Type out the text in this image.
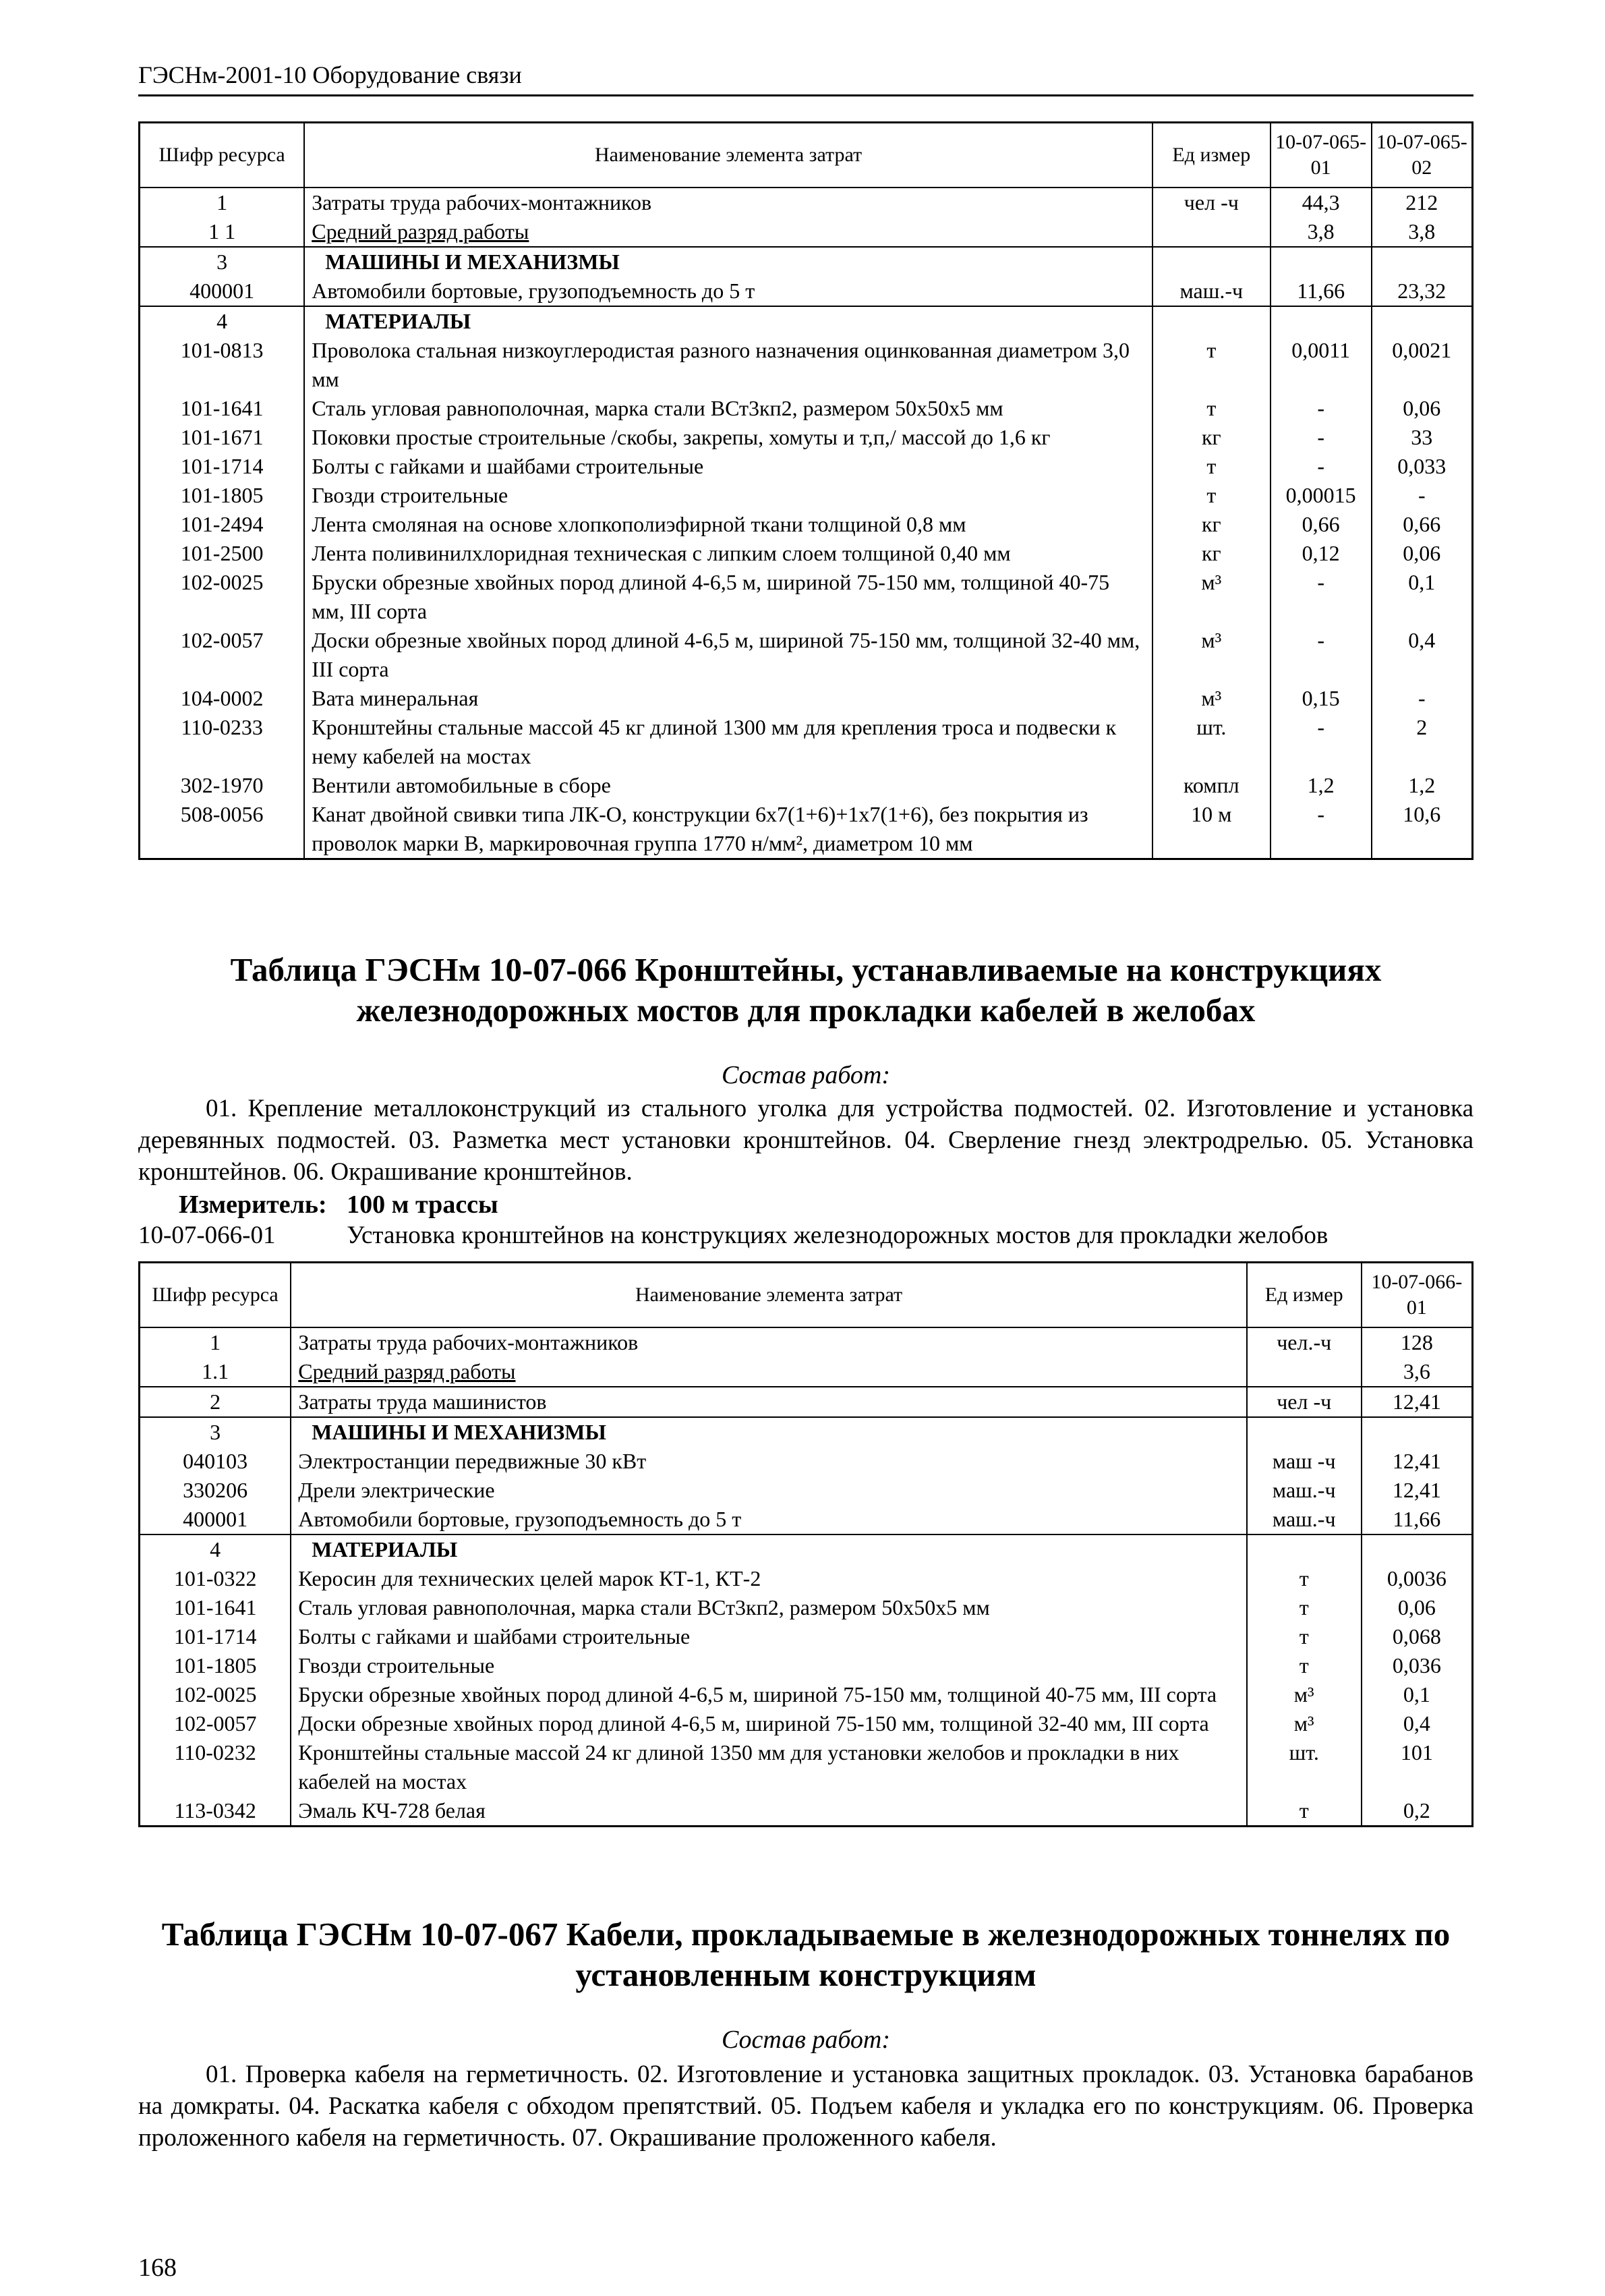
ГЭСНм-2001-10 Оборудование связи
Шифр ресурса	Наименование элемента затрат	Ед измер	10-07-065-01	10-07-065-02
1	Затраты труда рабочих-монтажников	чел -ч	44,3	212
1 1	Средний разряд работы		3,8	3,8
3	МАШИНЫ И МЕХАНИЗМЫ			
400001	Автомобили бортовые, грузоподъемность до 5 т	маш.-ч	11,66	23,32
4	МАТЕРИАЛЫ			
101-0813	Проволока стальная низкоуглеродистая разного назначения оцинкованная диаметром 3,0 мм	т	0,0011	0,0021
101-1641	Сталь угловая равнополочная, марка стали ВСт3кп2, размером 50x50x5 мм	т	-	0,06
101-1671	Поковки простые строительные /скобы, закрепы, хомуты и т,п,/ массой до 1,6 кг	кг	-	33
101-1714	Болты с гайками и шайбами строительные	т	-	0,033
101-1805	Гвозди строительные	т	0,00015	-
101-2494	Лента смоляная на основе хлопкополиэфирной ткани толщиной 0,8 мм	кг	0,66	0,66
101-2500	Лента поливинилхлоридная техническая с липким слоем толщиной 0,40 мм	кг	0,12	0,06
102-0025	Бруски обрезные хвойных пород длиной 4-6,5 м, шириной 75-150 мм, толщиной 40-75 мм, III сорта	м³	-	0,1
102-0057	Доски обрезные хвойных пород длиной 4-6,5 м, шириной 75-150 мм, толщиной 32-40 мм, III сорта	м³	-	0,4
104-0002	Вата минеральная	м³	0,15	-
110-0233	Кронштейны стальные массой 45 кг длиной 1300 мм для крепления троса и подвески к нему кабелей на мостах	шт.	-	2
302-1970	Вентили автомобильные в сборе	компл	1,2	1,2
508-0056	Канат двойной свивки типа ЛК-О, конструкции 6x7(1+6)+1x7(1+6), без покрытия из проволок марки В, маркировочная группа 1770 н/мм², диаметром 10 мм	10 м	-	10,6
Таблица ГЭСНм 10-07-066 Кронштейны, устанавливаемые на конструкциях железнодорожных мостов для прокладки кабелей в желобах
Состав работ:
01. Крепление металлоконструкций из стального уголка для устройства подмостей. 02. Изготовление и установка деревянных подмостей. 03. Разметка мест установки кронштейнов. 04. Сверление гнезд электродрелью. 05. Установка кронштейнов. 06. Окрашивание кронштейнов.
Измеритель: 100 м трассы
10-07-066-01	Установка кронштейнов на конструкциях железнодорожных мостов для прокладки желобов
Шифр ресурса	Наименование элемента затрат	Ед измер	10-07-066-01
1	Затраты труда рабочих-монтажников	чел.-ч	128
1.1	Средний разряд работы		3,6
2	Затраты труда машинистов	чел -ч	12,41
3	МАШИНЫ И МЕХАНИЗМЫ		
040103	Электростанции передвижные 30 кВт	маш -ч	12,41
330206	Дрели электрические	маш.-ч	12,41
400001	Автомобили бортовые, грузоподъемность до 5 т	маш.-ч	11,66
4	МАТЕРИАЛЫ		
101-0322	Керосин для технических целей марок КТ-1, КТ-2	т	0,0036
101-1641	Сталь угловая равнополочная, марка стали ВСт3кп2, размером 50x50x5 мм	т	0,06
101-1714	Болты с гайками и шайбами строительные	т	0,068
101-1805	Гвозди строительные	т	0,036
102-0025	Бруски обрезные хвойных пород длиной 4-6,5 м, шириной 75-150 мм, толщиной 40-75 мм, III сорта	м³	0,1
102-0057	Доски обрезные хвойных пород длиной 4-6,5 м, шириной 75-150 мм, толщиной 32-40 мм, III сорта	м³	0,4
110-0232	Кронштейны стальные массой 24 кг длиной 1350 мм для установки желобов и прокладки в них кабелей на мостах	шт.	101
113-0342	Эмаль КЧ-728 белая	т	0,2
Таблица ГЭСНм 10-07-067 Кабели, прокладываемые в железнодорожных тоннелях по установленным конструкциям
Состав работ:
01. Проверка кабеля на герметичность. 02. Изготовление и установка защитных прокладок. 03. Установка барабанов на домкраты. 04. Раскатка кабеля с обходом препятствий. 05. Подъем кабеля и укладка его по конструкциям. 06. Проверка проложенного кабеля на герметичность. 07. Окрашивание проложенного кабеля.
168
